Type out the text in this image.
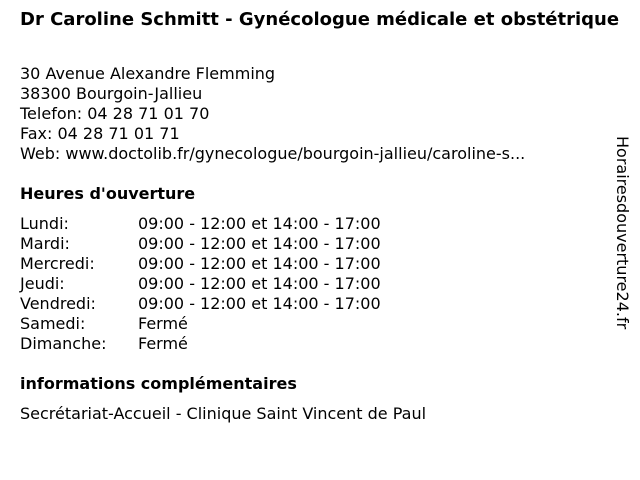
Dr Caroline Schmitt - Gynécologue médicale et obstétrique
30 Avenue Alexandre Flemming
38300 Bourgoin-Jallieu
Telefon: 04 28 71 01 70
Fax: 04 28 71 01 71
Web: www.doctolib.fr/gynecologue/bourgoin-jallieu/caroline-s...
Heures d'ouverture
Lundi:	09:00 - 12:00 et 14:00 - 17:00
Mardi:	09:00 - 12:00 et 14:00 - 17:00
Mercredi:	09:00 - 12:00 et 14:00 - 17:00
Jeudi:	09:00 - 12:00 et 14:00 - 17:00
Vendredi:	09:00 - 12:00 et 14:00 - 17:00
Samedi:	Fermé
Dimanche:	Fermé
informations complémentaires
Secrétariat-Accueil - Clinique Saint Vincent de Paul
Horairesdouverture24.fr
